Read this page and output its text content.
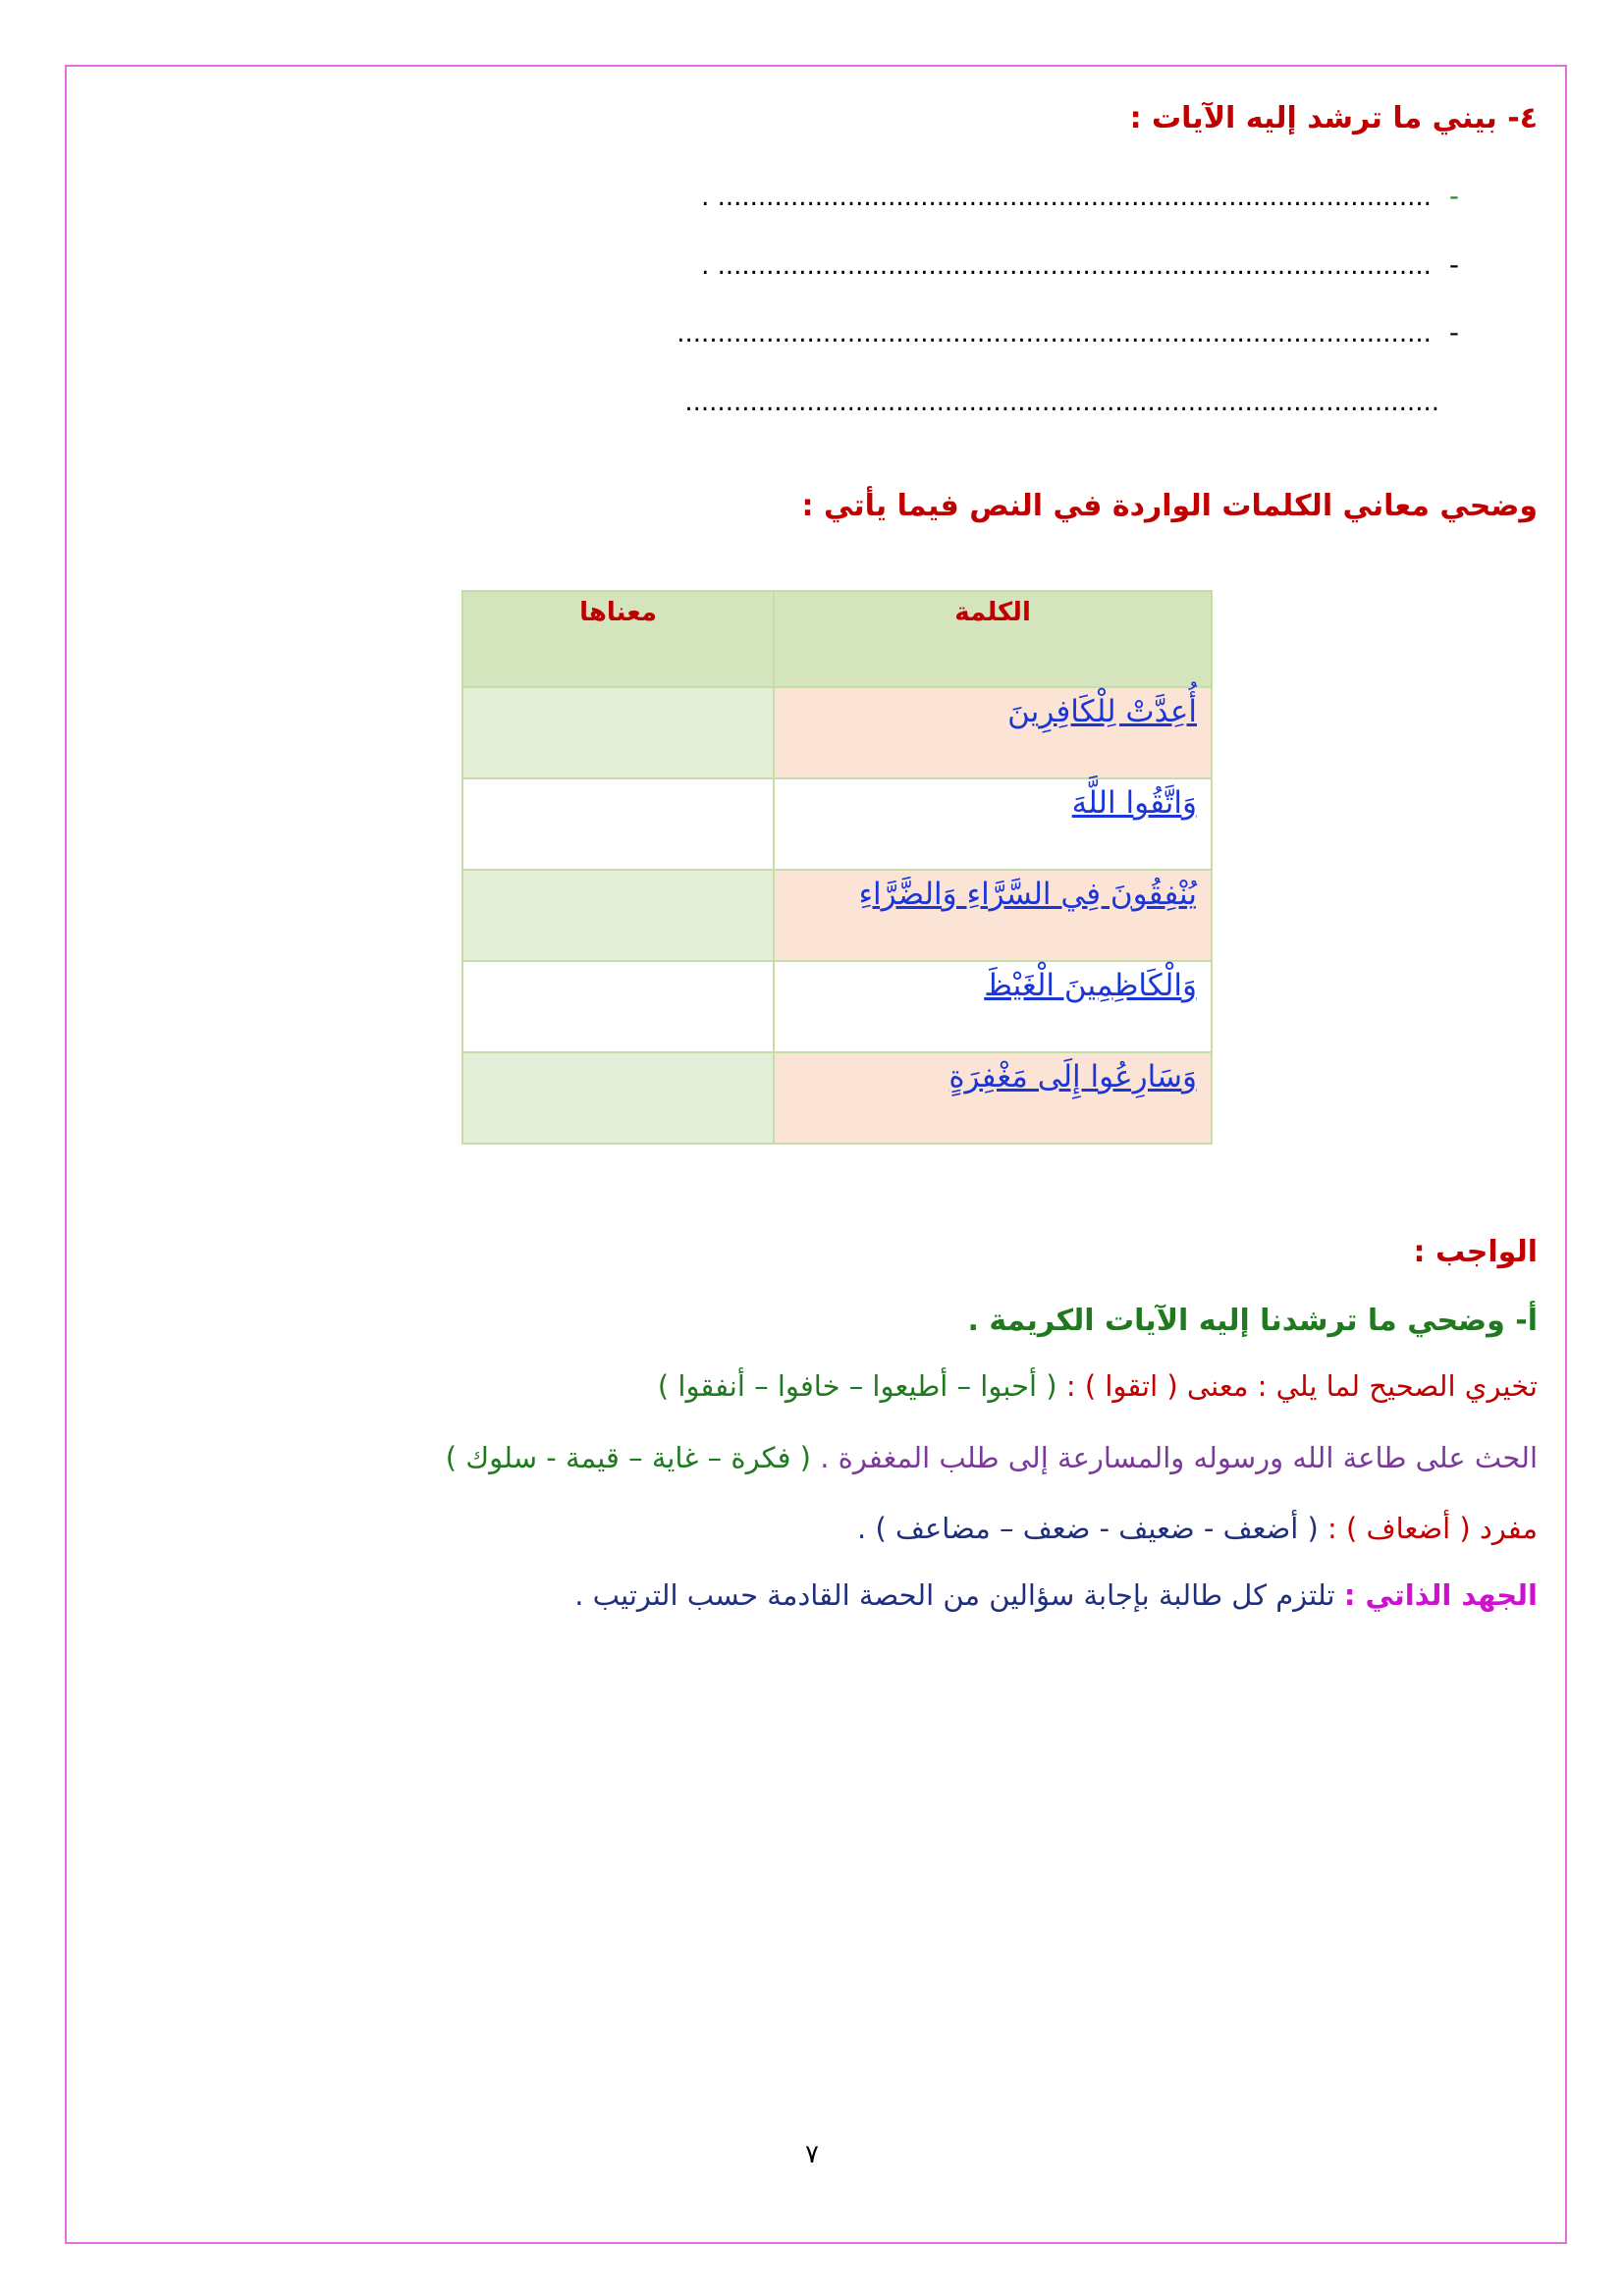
٤- بيني ما ترشد إليه الآيات :
-........................................................................................ .
-........................................................................................ .
-.............................................................................................
.............................................................................................
وضحي معاني الكلمات الواردة في النص فيما يأتي :
الكلمة	معناها
أُعِدَّتْ لِلْكَافِرِينَ	
وَاتَّقُوا اللَّهَ	
يُنْفِقُونَ فِي السَّرَّاءِ وَالضَّرَّاءِ	
وَالْكَاظِمِينَ الْغَيْظَ	
وَسَارِعُوا إِلَى مَغْفِرَةٍ	
الواجب :
أ- وضحي ما ترشدنا إليه الآيات الكريمة .
تخيري الصحيح لما يلي : معنى ( اتقوا ) : ( أحبوا – أطيعوا – خافوا – أنفقوا )
الحث على طاعة الله ورسوله والمسارعة إلى طلب المغفرة . ( فكرة – غاية – قيمة - سلوك )
مفرد ( أضعاف ) : ( أضعف - ضعيف - ضعف – مضاعف ) .
الجهد الذاتي : تلتزم كل طالبة بإجابة سؤالين من الحصة القادمة حسب الترتيب .
٧
